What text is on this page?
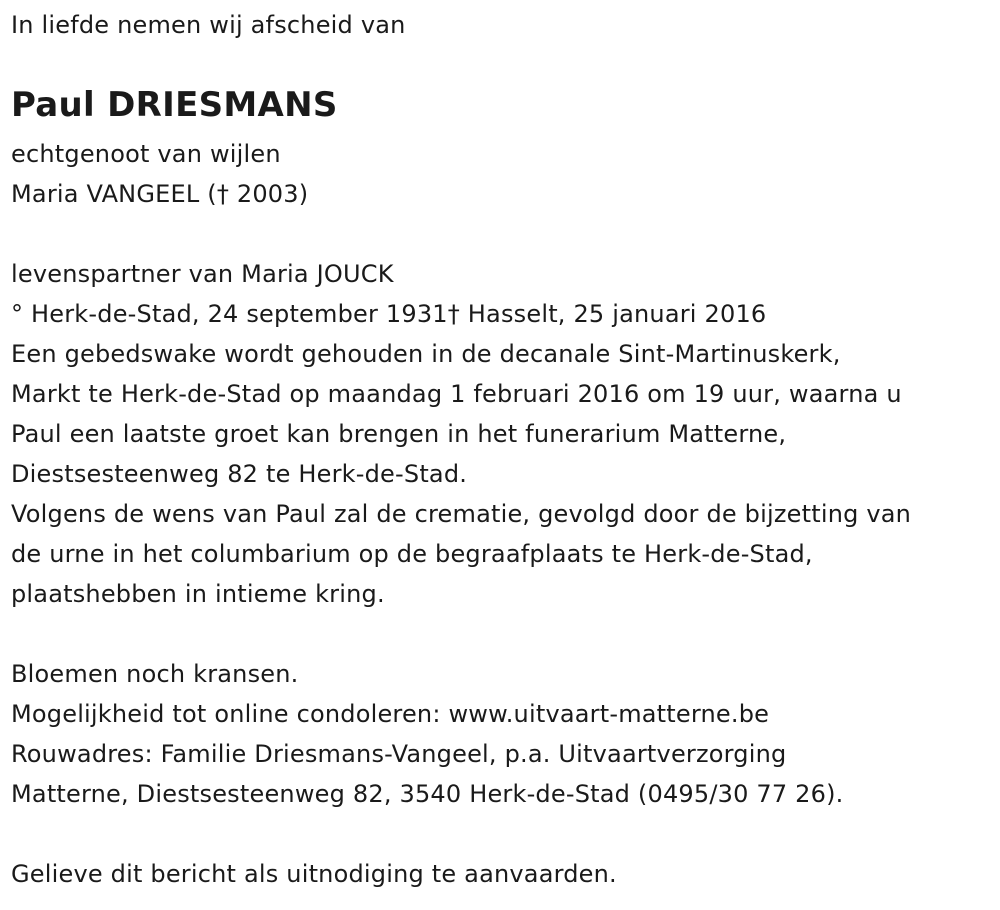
In liefde nemen wij afscheid van
Paul DRIESMANS
echtgenoot van wijlen
Maria VANGEEL († 2003)
levenspartner van Maria JOUCK
° Herk-de-Stad, 24 september 1931† Hasselt, 25 januari 2016
Een gebedswake wordt gehouden in de decanale Sint-Martinuskerk,
Markt te Herk-de-Stad op maandag 1 februari 2016 om 19 uur, waarna u
Paul een laatste groet kan brengen in het funerarium Matterne,
Diestsesteenweg 82 te Herk-de-Stad.
Volgens de wens van Paul zal de crematie, gevolgd door de bijzetting van
de urne in het columbarium op de begraafplaats te Herk-de-Stad,
plaatshebben in intieme kring.
Bloemen noch kransen.
Mogelijkheid tot online condoleren: www.uitvaart-matterne.be
Rouwadres: Familie Driesmans-Vangeel, p.a. Uitvaartverzorging
Matterne, Diestsesteenweg 82, 3540 Herk-de-Stad (0495/30 77 26).
Gelieve dit bericht als uitnodiging te aanvaarden.
